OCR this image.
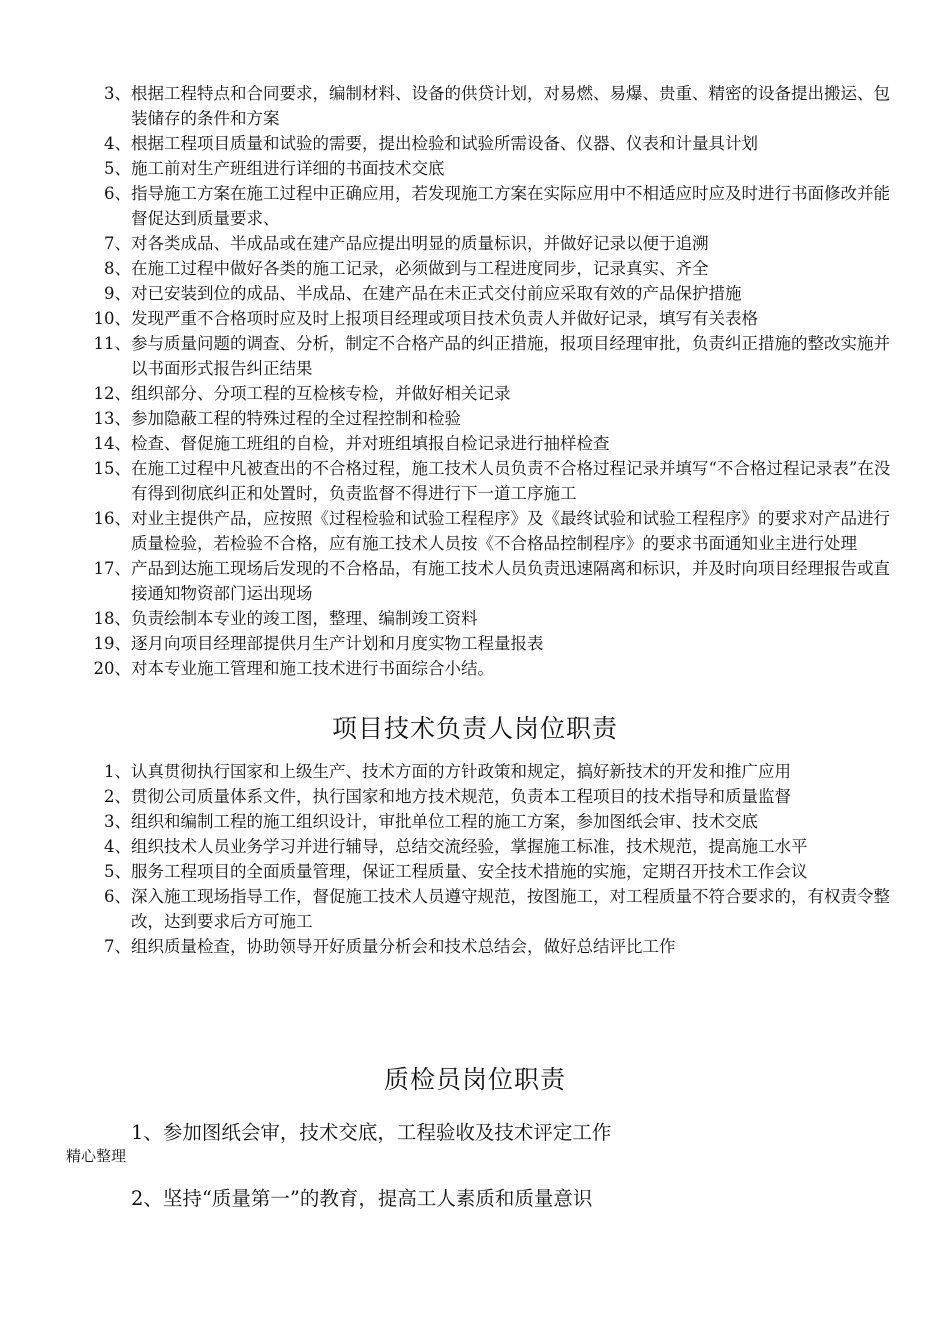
3、 根据工程特点和合同要求，编制材料、设备的供贷计划，对易燃、易爆、贵重、精密的设备提出搬运、包装储存的条件和方案
4、 根据工程项目质量和试验的需要，提出检验和试验所需设备、仪器、仪表和计量具计划
5、 施工前对生产班组进行详细的书面技术交底
6、 指导施工方案在施工过程中正确应用，若发现施工方案在实际应用中不相适应时应及时进行书面修改并能督促达到质量要求、
7、 对各类成品、半成品或在建产品应提出明显的质量标识，并做好记录以便于追溯
8、 在施工过程中做好各类的施工记录，必须做到与工程进度同步，记录真实、齐全
9、 对已安装到位的成品、半成品、在建产品在未正式交付前应采取有效的产品保护措施
10、 发现严重不合格项时应及时上报项目经理或项目技术负责人并做好记录，填写有关表格
11、 参与质量问题的调查、分析，制定不合格产品的纠正措施，报项目经理审批，负责纠正措施的整改实施并以书面形式报告纠正结果
12、 组织部分、分项工程的互检核专检，并做好相关记录
13、 参加隐蔽工程的特殊过程的全过程控制和检验
14、 检查、督促施工班组的自检，并对班组填报自检记录进行抽样检查
15、 在施工过程中凡被查出的不合格过程，施工技术人员负责不合格过程记录并填写“不合格过程记录表”在没有得到彻底纠正和处置时，负责监督不得进行下一道工序施工
16、 对业主提供产品，应按照《过程检验和试验工程程序》及《最终试验和试验工程程序》的要求对产品进行质量检验，若检验不合格，应有施工技术人员按《不合格品控制程序》的要求书面通知业主进行处理
17、 产品到达施工现场后发现的不合格品，有施工技术人员负责迅速隔离和标识，并及时向项目经理报告或直接通知物资部门运出现场
18、 负责绘制本专业的竣工图，整理、编制竣工资料
19、 逐月向项目经理部提供月生产计划和月度实物工程量报表
20、 对本专业施工管理和施工技术进行书面综合小结。
项目技术负责人岗位职责
1、 认真贯彻执行国家和上级生产、技术方面的方针政策和规定，搞好新技术的开发和推广应用
2、 贯彻公司质量体系文件，执行国家和地方技术规范，负责本工程项目的技术指导和质量监督
3、 组织和编制工程的施工组织设计，审批单位工程的施工方案，参加图纸会审、技术交底
4、 组织技术人员业务学习并进行辅导，总结交流经验，掌握施工标准，技术规范，提高施工水平
5、 服务工程项目的全面质量管理，保证工程质量、安全技术措施的实施，定期召开技术工作会议
6、 深入施工现场指导工作，督促施工技术人员遵守规范，按图施工，对工程质量不符合要求的，有权责令整改，达到要求后方可施工
7、 组织质量检查，协助领导开好质量分析会和技术总结会，做好总结评比工作
质检员岗位职责
1、参加图纸会审，技术交底，工程验收及技术评定工作
精心整理
2、坚持“质量第一”的教育，提高工人素质和质量意识
